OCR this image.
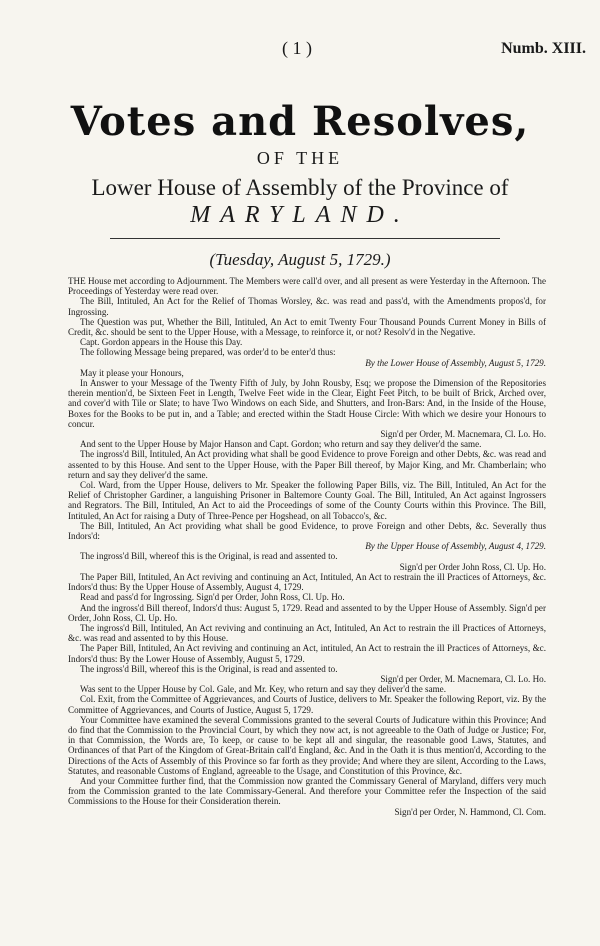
( 1 )	Numb. XIII.
Votes and Resolves,
OF THE
Lower House of Assembly of the Province of
MARYLAND.
(Tuesday, August 5, 1729.)

THE House met according to Adjournment. The Members were call'd over, and all present as were Yesterday in the Afternoon. The Proceedings of Yesterday were read over.

The Bill, Intituled, An Act for the Relief of Thomas Worsley, &c. was read and pass'd, with the Amendments propos'd, for Ingrossing.

The Question was put, Whether the Bill, Intituled, An Act to emit Twenty Four Thousand Pounds Current Money in Bills of Credit, &c. should be sent to the Upper House, with a Message, to reinforce it, or not? Resolv'd in the Negative.

Capt. Gordon appears in the House this Day.

The following Message being prepared, was order'd to be enter'd thus:

By the Lower House of Assembly, August 5, 1729.

May it please your Honours,

In Answer to your Message of the Twenty Fifth of July, by John Rousby, Esq; we propose the Dimension of the Repositories therein mention'd, be Sixteen Feet in Length, Twelve Feet wide in the Clear, Eight Feet Pitch, to be built of Brick, Arched over, and cover'd with Tile or Slate; to have Two Windows on each Side, and Shutters, and Iron-Bars: And, in the Inside of the House, Boxes for the Books to be put in, and a Table; and erected within the Stadt House Circle: With which we desire your Honours to concur.

Sign'd per Order, M. Macnemara, Cl. Lo. Ho.

And sent to the Upper House by Major Hanson and Capt. Gordon; who return and say they deliver'd the same.

The ingross'd Bill, Intituled, An Act providing what shall be good Evidence to prove Foreign and other Debts, &c. was read and assented to by this House. And sent to the Upper House, with the Paper Bill thereof, by Major King, and Mr. Chamberlain; who return and say they deliver'd the same.

Col. Ward, from the Upper House, delivers to Mr. Speaker the following Paper Bills, viz. The Bill, Intituled, An Act for the Relief of Christopher Gardiner, a languishing Prisoner in Baltemore County Goal. The Bill, Intituled, An Act against Ingrossers and Regrators. The Bill, Intituled, An Act to aid the Proceedings of some of the County Courts within this Province. The Bill, Intituled, An Act for raising a Duty of Three-Pence per Hogshead, on all Tobacco's, &c.

The Bill, Intituled, An Act providing what shall be good Evidence, to prove Foreign and other Debts, &c. Severally thus Indors'd:

By the Upper House of Assembly, August 4, 1729.

The ingross'd Bill, whereof this is the Original, is read and assented to.

Sign'd per Order John Ross, Cl. Up. Ho.

The Paper Bill, Intituled, An Act reviving and continuing an Act, Intituled, An Act to restrain the ill Practices of Attorneys, &c. Indors'd thus: By the Upper House of Assembly, August 4, 1729.

Read and pass'd for Ingrossing. Sign'd per Order, John Ross, Cl. Up. Ho.

And the ingross'd Bill thereof, Indors'd thus: August 5, 1729. Read and assented to by the Upper House of Assembly. Sign'd per Order, John Ross, Cl. Up. Ho.

The ingross'd Bill, Intituled, An Act reviving and continuing an Act, Intituled, An Act to restrain the ill Practices of Attorneys, &c. was read and assented to by this House.

The Paper Bill, Intituled, An Act reviving and continuing an Act, intituled, An Act to restrain the ill Practices of Attorneys, &c. Indors'd thus: By the Lower House of Assembly, August 5, 1729.

The ingross'd Bill, whereof this is the Original, is read and assented to.

Sign'd per Order, M. Macnemara, Cl. Lo. Ho.

Was sent to the Upper House by Col. Gale, and Mr. Key, who return and say they deliver'd the same.

Col. Exit, from the Committee of Aggrievances, and Courts of Justice, delivers to Mr. Speaker the following Report, viz. By the Committee of Aggrievances, and Courts of Justice, August 5, 1729.

Your Committee have examined the several Commissions granted to the several Courts of Judicature within this Province; And do find that the Commission to the Provincial Court, by which they now act, is not agreeable to the Oath of Judge or Justice; For, in that Commission, the Words are, To keep, or cause to be kept all and singular, the reasonable good Laws, Statutes, and Ordinances of that Part of the Kingdom of Great-Britain call'd England, &c. And in the Oath it is thus mention'd, According to the Directions of the Acts of Assembly of this Province so far forth as they provide; And where they are silent, According to the Laws, Statutes, and reasonable Customs of England, agreeable to the Usage, and Constitution of this Province, &c.

And your Committee further find, that the Commission now granted the Commissary General of Maryland, differs very much from the Commission granted to the late Commissary-General. And therefore your Committee refer the Inspection of the said Commissions to the House for their Consideration therein.

Sign'd per Order, N. Hammond, Cl. Com.
